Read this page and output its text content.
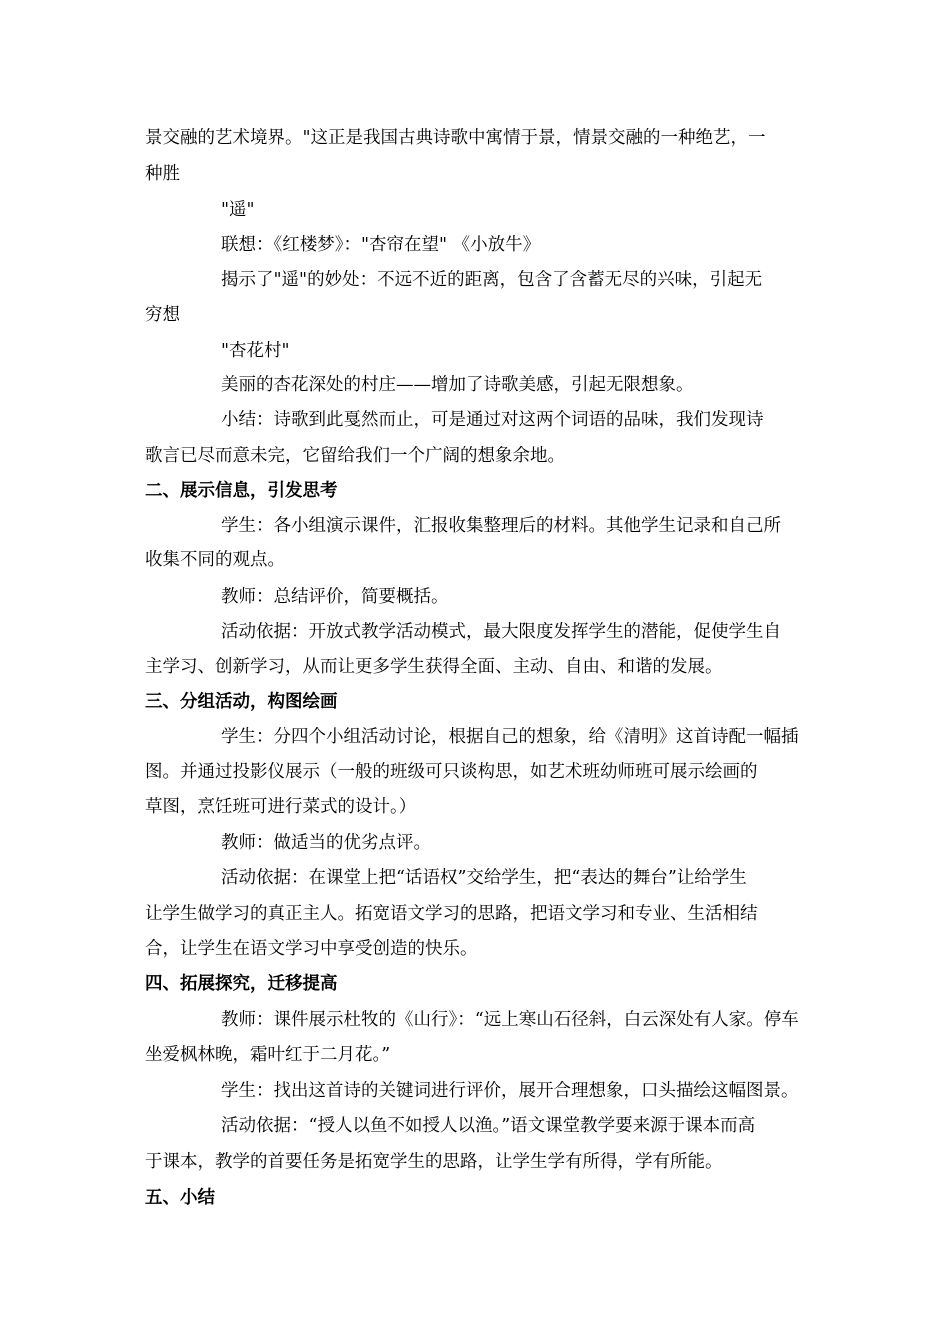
景交融的艺术境界。"这正是我国古典诗歌中寓情于景，情景交融的一种绝艺，一
种胜
"遥"
联想：《红楼梦》："杏帘在望" 《小放牛》
揭示了"遥"的妙处：不远不近的距离，包含了含蓄无尽的兴味，引起无
穷想
"杏花村"
美丽的杏花深处的村庄——增加了诗歌美感，引起无限想象。
小结：诗歌到此戛然而止，可是通过对这两个词语的品味，我们发现诗
歌言已尽而意未完，它留给我们一个广阔的想象余地。
二、展示信息，引发思考
学生：各小组演示课件，汇报收集整理后的材料。其他学生记录和自己所
收集不同的观点。
教师：总结评价，简要概括。
活动依据：开放式教学活动模式，最大限度发挥学生的潜能，促使学生自
主学习、创新学习，从而让更多学生获得全面、主动、自由、和谐的发展。
三、分组活动，构图绘画
学生：分四个小组活动讨论，根据自己的想象，给《清明》这首诗配一幅插
图。并通过投影仪展示（一般的班级可只谈构思，如艺术班幼师班可展示绘画的
草图，烹饪班可进行菜式的设计。）
教师：做适当的优劣点评。
活动依据：在课堂上把“话语权”交给学生，把“表达的舞台”让给学生
让学生做学习的真正主人。拓宽语文学习的思路，把语文学习和专业、生活相结
合，让学生在语文学习中享受创造的快乐。
四、拓展探究，迁移提高
教师：课件展示杜牧的《山行》：“远上寒山石径斜，白云深处有人家。停车
坐爱枫林晚，霜叶红于二月花。”
学生：找出这首诗的关键词进行评价，展开合理想象，口头描绘这幅图景。
活动依据：“授人以鱼不如授人以渔。”语文课堂教学要来源于课本而高
于课本，教学的首要任务是拓宽学生的思路，让学生学有所得，学有所能。
五、小结
